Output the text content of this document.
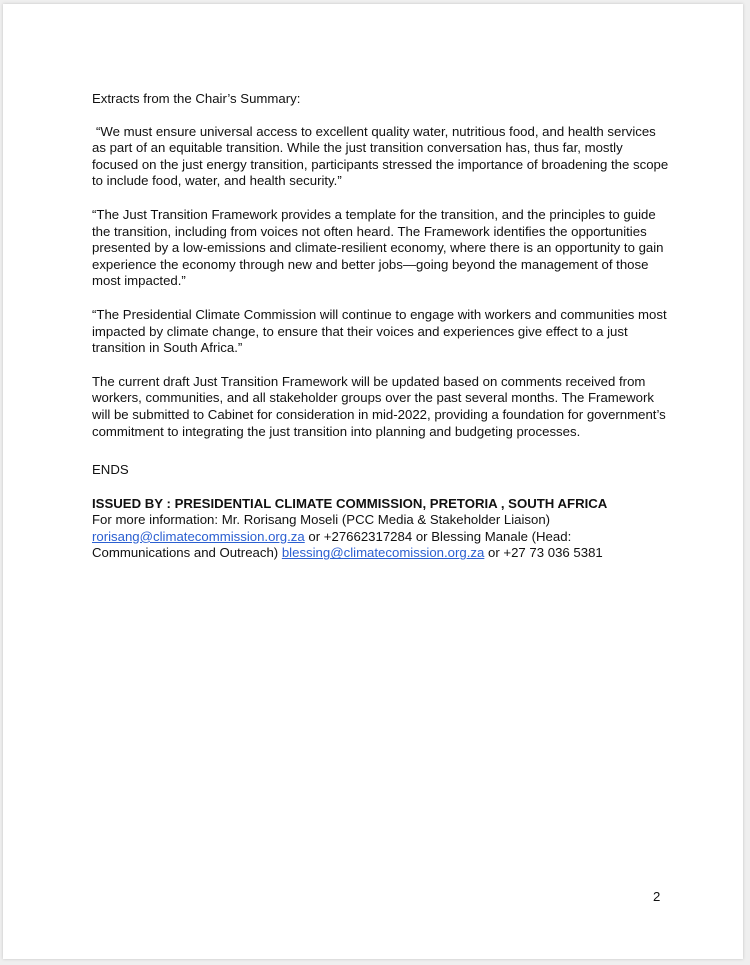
Extracts from the Chair’s Summary:

“We must ensure universal access to excellent quality water, nutritious food, and health services as part of an equitable transition. While the just transition conversation has, thus far, mostly focused on the just energy transition, participants stressed the importance of broadening the scope to include food, water, and health security.”

“The Just Transition Framework provides a template for the transition, and the principles to guide the transition, including from voices not often heard. The Framework identifies the opportunities presented by a low-emissions and climate-resilient economy, where there is an opportunity to gain experience the economy through new and better jobs—going beyond the management of those most impacted.”

“The Presidential Climate Commission will continue to engage with workers and communities most impacted by climate change, to ensure that their voices and experiences give effect to a just transition in South Africa.”

The current draft Just Transition Framework will be updated based on comments received from workers, communities, and all stakeholder groups over the past several months. The Framework will be submitted to Cabinet for consideration in mid-2022, providing a foundation for government’s commitment to integrating the just transition into planning and budgeting processes.

ENDS

ISSUED BY : PRESIDENTIAL CLIMATE COMMISSION, PRETORIA , SOUTH AFRICA

For more information: Mr. Rorisang Moseli (PCC Media & Stakeholder Liaison)
rorisang@climatecommission.org.za or +27662317284 or Blessing Manale (Head: Communications and Outreach) blessing@climatecomission.org.za or +27 73 036 5381

2
